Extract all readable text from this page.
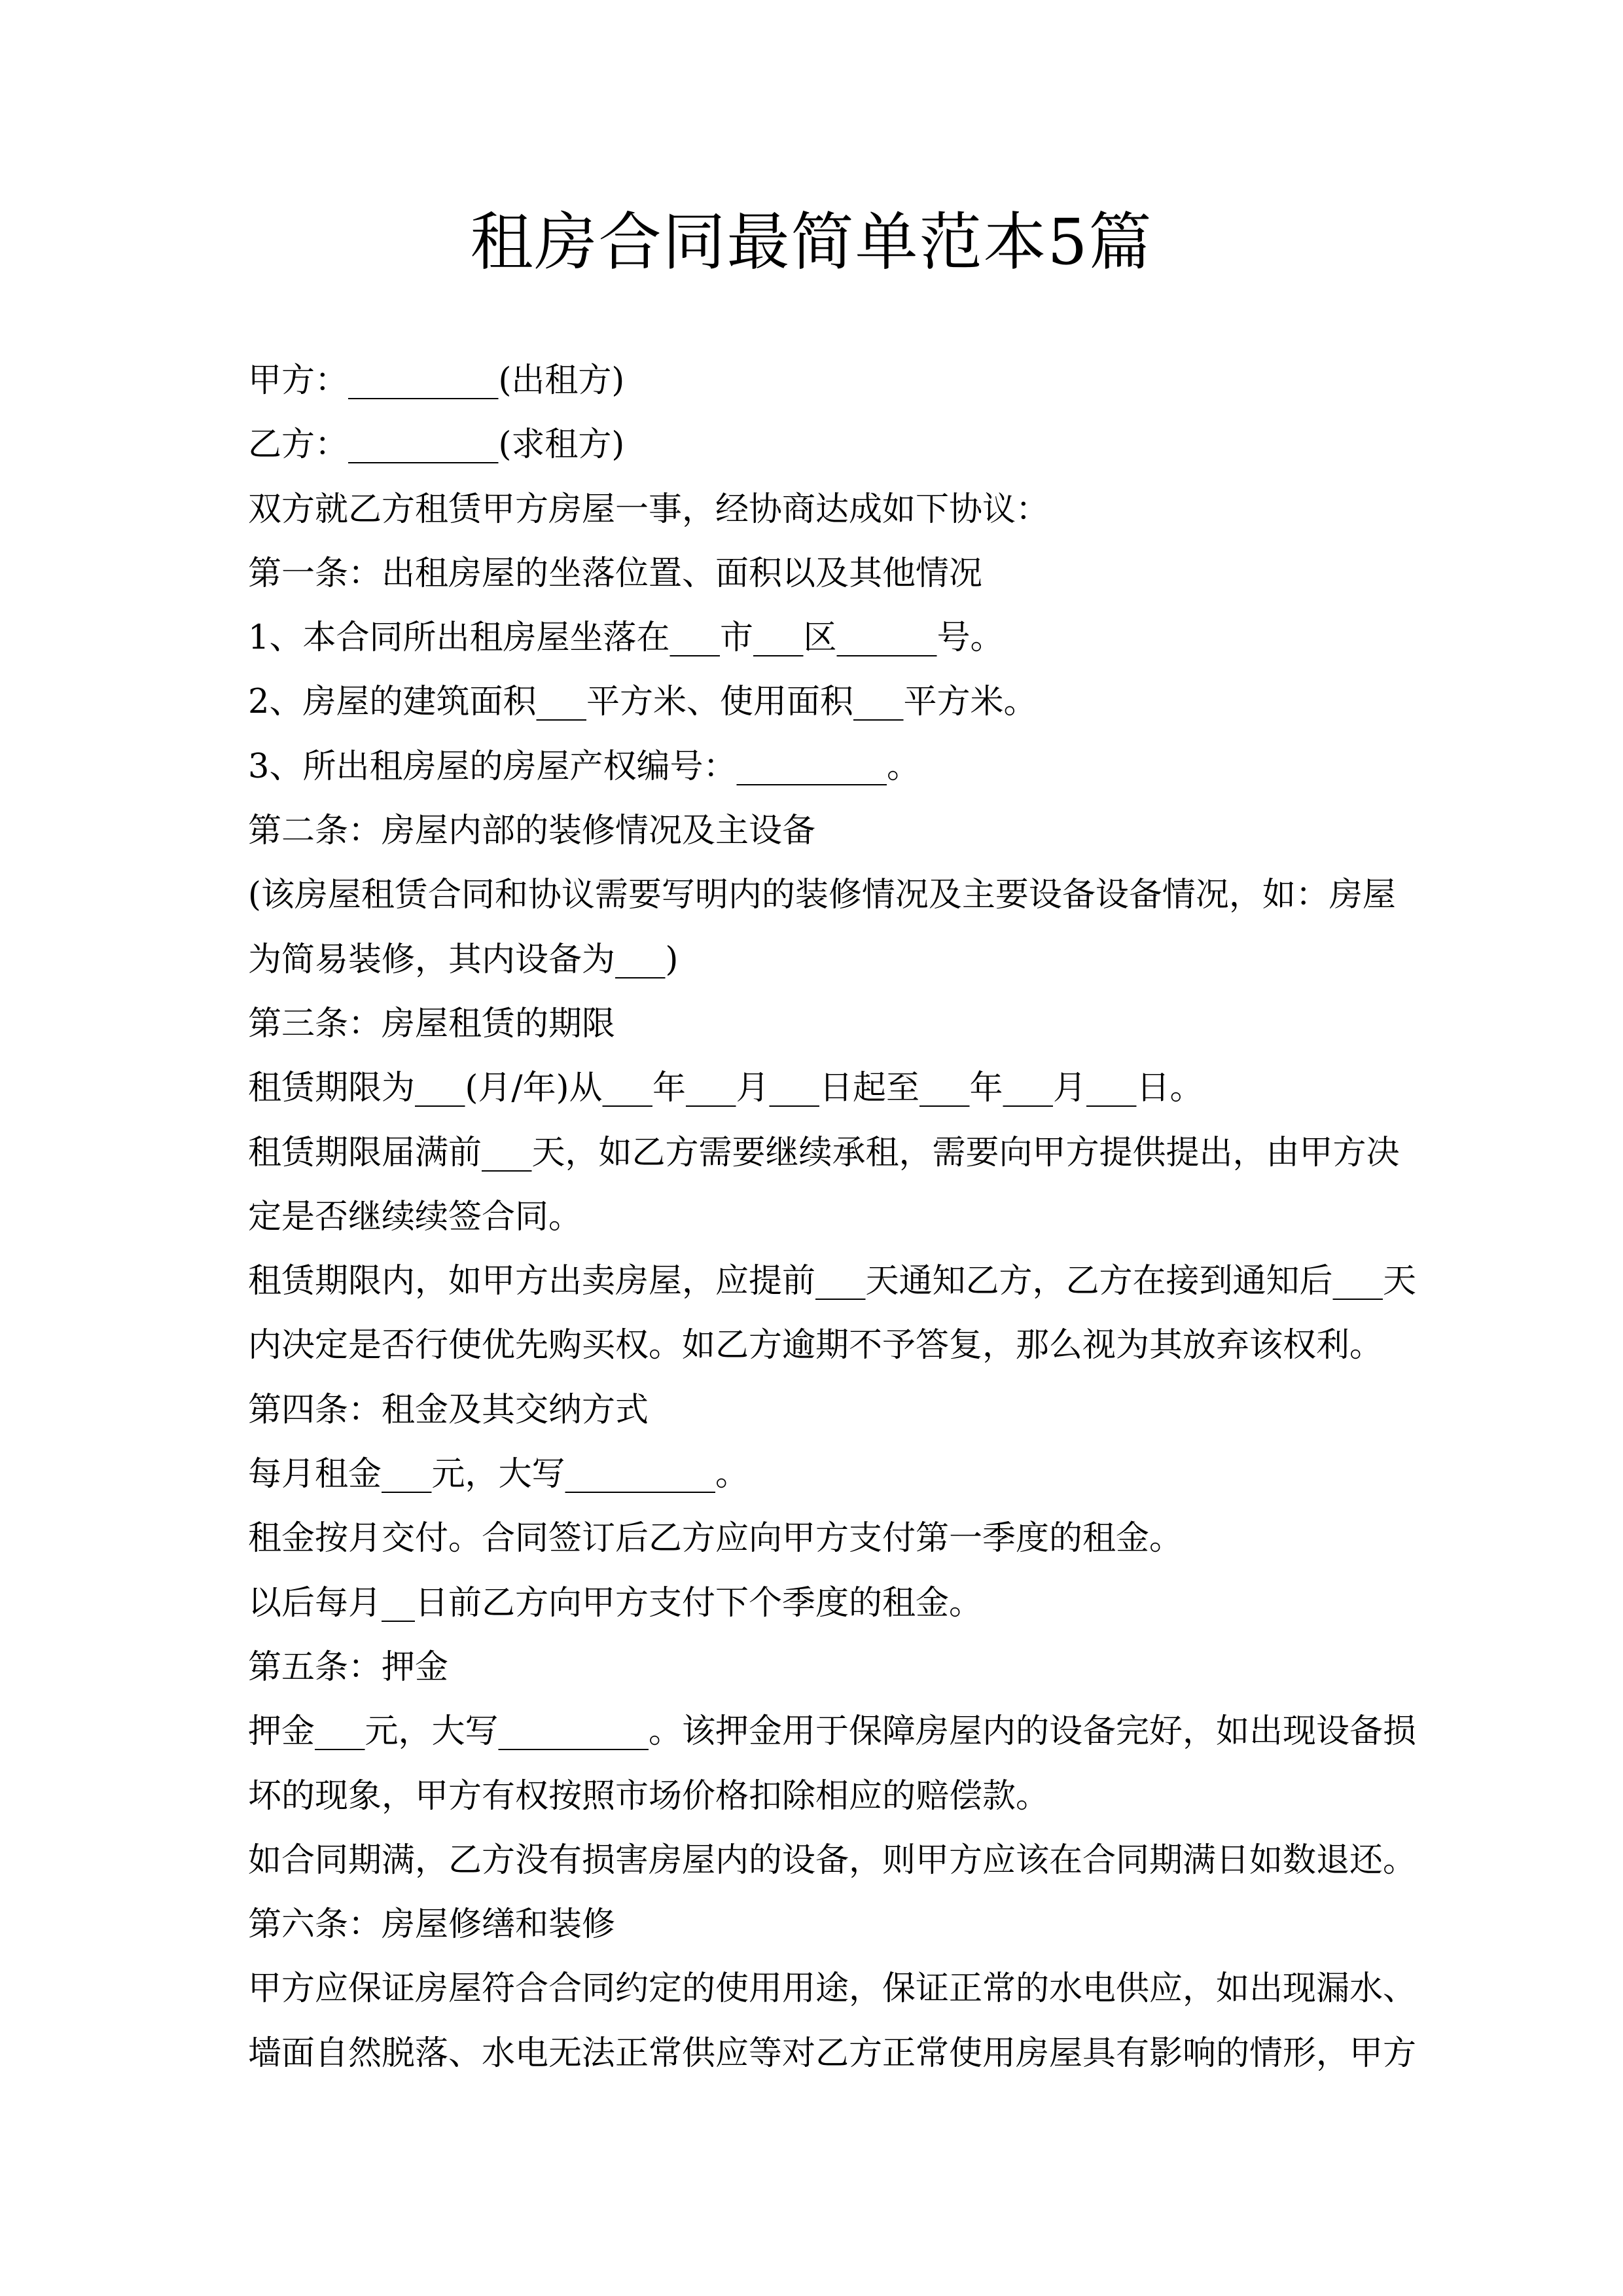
租房合同最简单范本5篇

甲方：_________(出租方)

乙方：_________(求租方)

双方就乙方租赁甲方房屋一事，经协商达成如下协议：

第一条：出租房屋的坐落位置、面积以及其他情况

1、本合同所出租房屋坐落在___市___区______号。

2、房屋的建筑面积___平方米、使用面积___平方米。

3、所出租房屋的房屋产权编号：_________。

第二条：房屋内部的装修情况及主设备

(该房屋租赁合同和协议需要写明内的装修情况及主要设备设备情况，如：房屋

为简易装修，其内设备为___)

第三条：房屋租赁的期限

租赁期限为___(月/年)从___年___月___日起至___年___月___日。

租赁期限届满前___天，如乙方需要继续承租，需要向甲方提供提出，由甲方决

定是否继续续签合同。

租赁期限内，如甲方出卖房屋，应提前___天通知乙方，乙方在接到通知后___天

内决定是否行使优先购买权。如乙方逾期不予答复，那么视为其放弃该权利。

第四条：租金及其交纳方式

每月租金___元，大写_________。

租金按月交付。合同签订后乙方应向甲方支付第一季度的租金。

以后每月__日前乙方向甲方支付下个季度的租金。

第五条：押金

押金___元，大写_________。该押金用于保障房屋内的设备完好，如出现设备损

坏的现象，甲方有权按照市场价格扣除相应的赔偿款。

如合同期满，乙方没有损害房屋内的设备，则甲方应该在合同期满日如数退还。

第六条：房屋修缮和装修

甲方应保证房屋符合合同约定的使用用途，保证正常的水电供应，如出现漏水、

墙面自然脱落、水电无法正常供应等对乙方正常使用房屋具有影响的情形，甲方
